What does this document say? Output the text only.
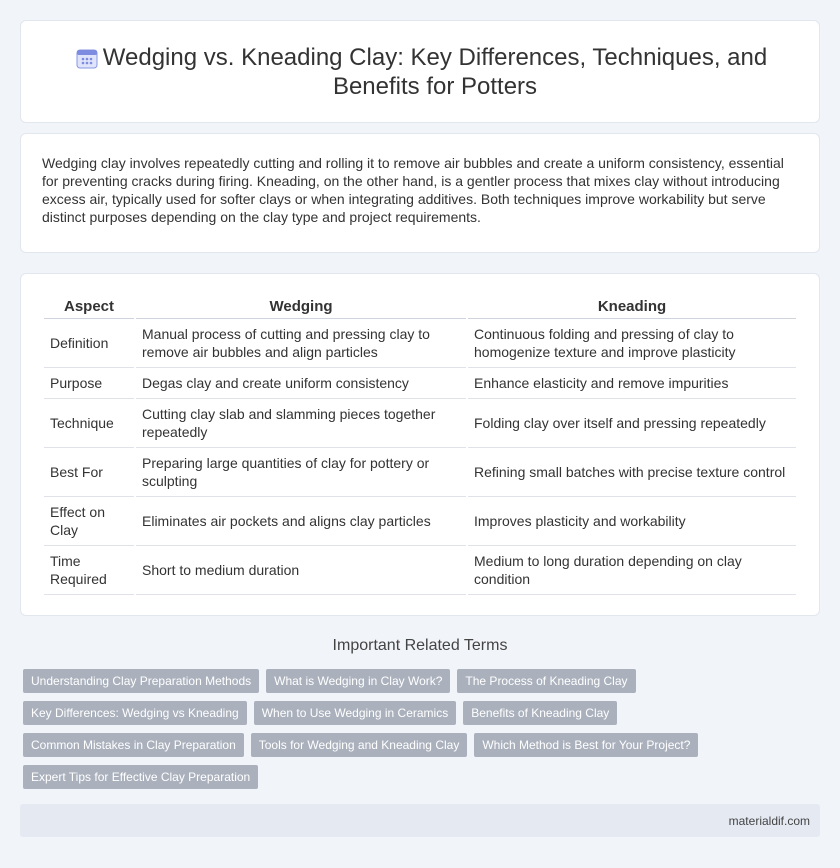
Wedging vs. Kneading Clay: Key Differences, Techniques, and Benefits for Potters

Wedging clay involves repeatedly cutting and rolling it to remove air bubbles and create a uniform consistency, essential for preventing cracks during firing. Kneading, on the other hand, is a gentler process that mixes clay without introducing excess air, typically used for softer clays or when integrating additives. Both techniques improve workability but serve distinct purposes depending on the clay type and project requirements.

Aspect	Wedging	Kneading
Definition	Manual process of cutting and pressing clay to remove air bubbles and align particles	Continuous folding and pressing of clay to homogenize texture and improve plasticity
Purpose	Degas clay and create uniform consistency	Enhance elasticity and remove impurities
Technique	Cutting clay slab and slamming pieces together repeatedly	Folding clay over itself and pressing repeatedly
Best For	Preparing large quantities of clay for pottery or sculpting	Refining small batches with precise texture control
Effect on Clay	Eliminates air pockets and aligns clay particles	Improves plasticity and workability
Time Required	Short to medium duration	Medium to long duration depending on clay condition
Important Related Terms
Understanding Clay Preparation Methods	What is Wedging in Clay Work?	The Process of Kneading Clay
Key Differences: Wedging vs Kneading	When to Use Wedging in Ceramics	Benefits of Kneading Clay
Common Mistakes in Clay Preparation	Tools for Wedging and Kneading Clay	Which Method is Best for Your Project?
Expert Tips for Effective Clay Preparation
materialdif.com
